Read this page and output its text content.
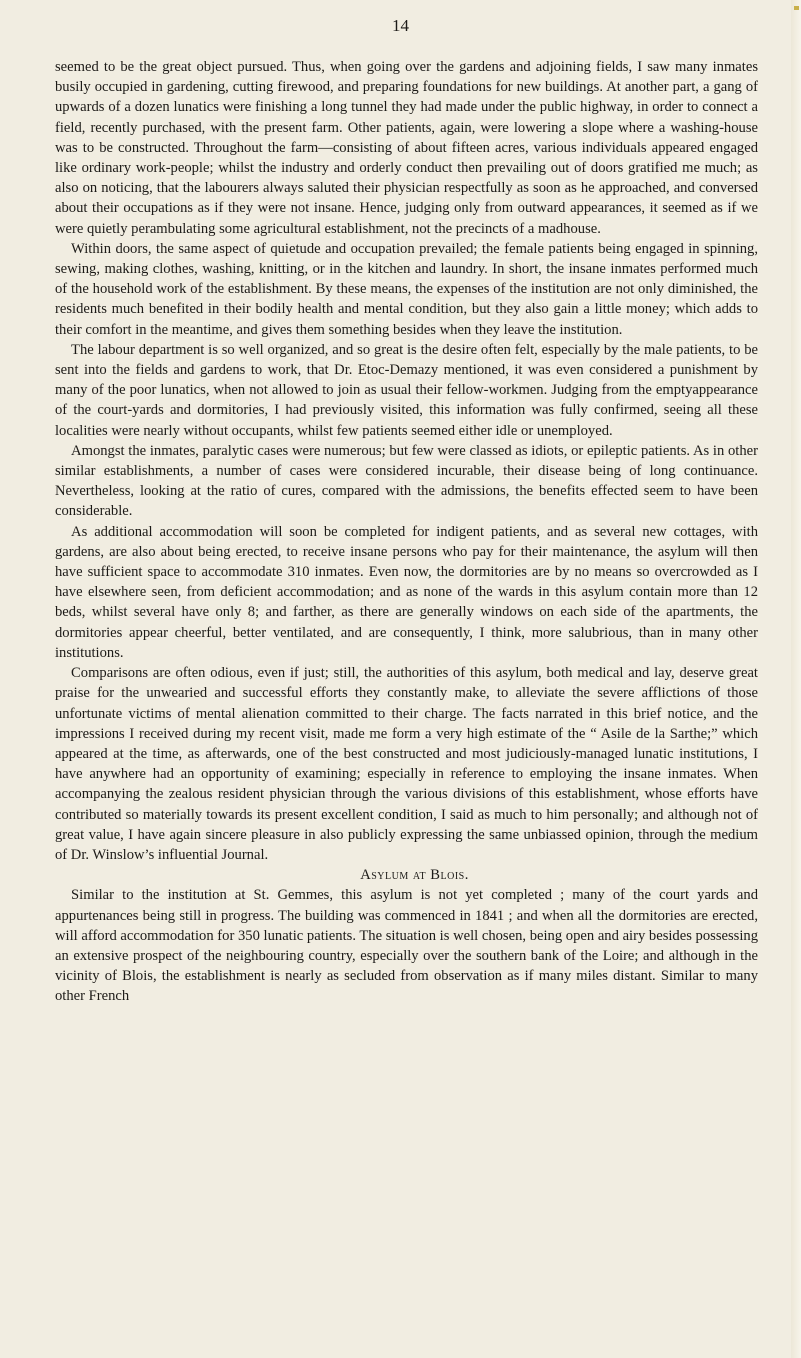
14

seemed to be the great object pursued. Thus, when going over the gardens and adjoining fields, I saw many inmates busily occupied in gardening, cutting firewood, and preparing foundations for new buildings. At another part, a gang of upwards of a dozen lunatics were finishing a long tunnel they had made under the public highway, in order to connect a field, recently purchased, with the present farm. Other patients, again, were lowering a slope where a washing-house was to be constructed. Throughout the farm—consisting of about fifteen acres, various individuals appeared engaged like ordinary work-people; whilst the industry and orderly conduct then prevailing out of doors gratified me much; as also on noticing, that the labourers always saluted their physician respectfully as soon as he approached, and conversed about their occupations as if they were not insane. Hence, judging only from outward appearances, it seemed as if we were quietly perambulating some agricultural establishment, not the precincts of a madhouse.

Within doors, the same aspect of quietude and occupation prevailed; the female patients being engaged in spinning, sewing, making clothes, washing, knitting, or in the kitchen and laundry. In short, the insane inmates performed much of the household work of the establishment. By these means, the expenses of the institution are not only diminished, the residents much benefited in their bodily health and mental condition, but they also gain a little money; which adds to their comfort in the meantime, and gives them something besides when they leave the institution.

The labour department is so well organized, and so great is the desire often felt, especially by the male patients, to be sent into the fields and gardens to work, that Dr. Etoc-Demazy mentioned, it was even considered a punishment by many of the poor lunatics, when not allowed to join as usual their fellow-workmen. Judging from the emptyappearance of the court-yards and dormitories, I had previously visited, this information was fully confirmed, seeing all these localities were nearly without occupants, whilst few patients seemed either idle or unemployed.

Amongst the inmates, paralytic cases were numerous; but few were classed as idiots, or epileptic patients. As in other similar establishments, a number of cases were considered incurable, their disease being of long continuance. Nevertheless, looking at the ratio of cures, compared with the admissions, the benefits effected seem to have been considerable.

As additional accommodation will soon be completed for indigent patients, and as several new cottages, with gardens, are also about being erected, to receive insane persons who pay for their maintenance, the asylum will then have sufficient space to accommodate 310 inmates. Even now, the dormitories are by no means so overcrowded as I have elsewhere seen, from deficient accommodation; and as none of the wards in this asylum contain more than 12 beds, whilst several have only 8; and farther, as there are generally windows on each side of the apartments, the dormitories appear cheerful, better ventilated, and are consequently, I think, more salubrious, than in many other institutions.

Comparisons are often odious, even if just; still, the authorities of this asylum, both medical and lay, deserve great praise for the unwearied and successful efforts they constantly make, to alleviate the severe afflictions of those unfortunate victims of mental alienation committed to their charge. The facts narrated in this brief notice, and the impressions I received during my recent visit, made me form a very high estimate of the “ Asile de la Sarthe;” which appeared at the time, as afterwards, one of the best constructed and most judiciously-managed lunatic institutions, I have anywhere had an opportunity of examining; especially in reference to employing the insane inmates. When accompanying the zealous resident physician through the various divisions of this establishment, whose efforts have contributed so materially towards its present excellent condition, I said as much to him personally; and although not of great value, I have again sincere pleasure in also publicly expressing the same unbiassed opinion, through the medium of Dr. Winslow’s influential Journal.

Asylum at Blois.

Similar to the institution at St. Gemmes, this asylum is not yet completed ; many of the court yards and appurtenances being still in progress. The building was commenced in 1841 ; and when all the dormitories are erected, will afford accommodation for 350 lunatic patients. The situation is well chosen, being open and airy besides possessing an extensive prospect of the neighbouring country, especially over the southern bank of the Loire; and although in the vicinity of Blois, the establishment is nearly as secluded from observation as if many miles distant. Similar to many other French
